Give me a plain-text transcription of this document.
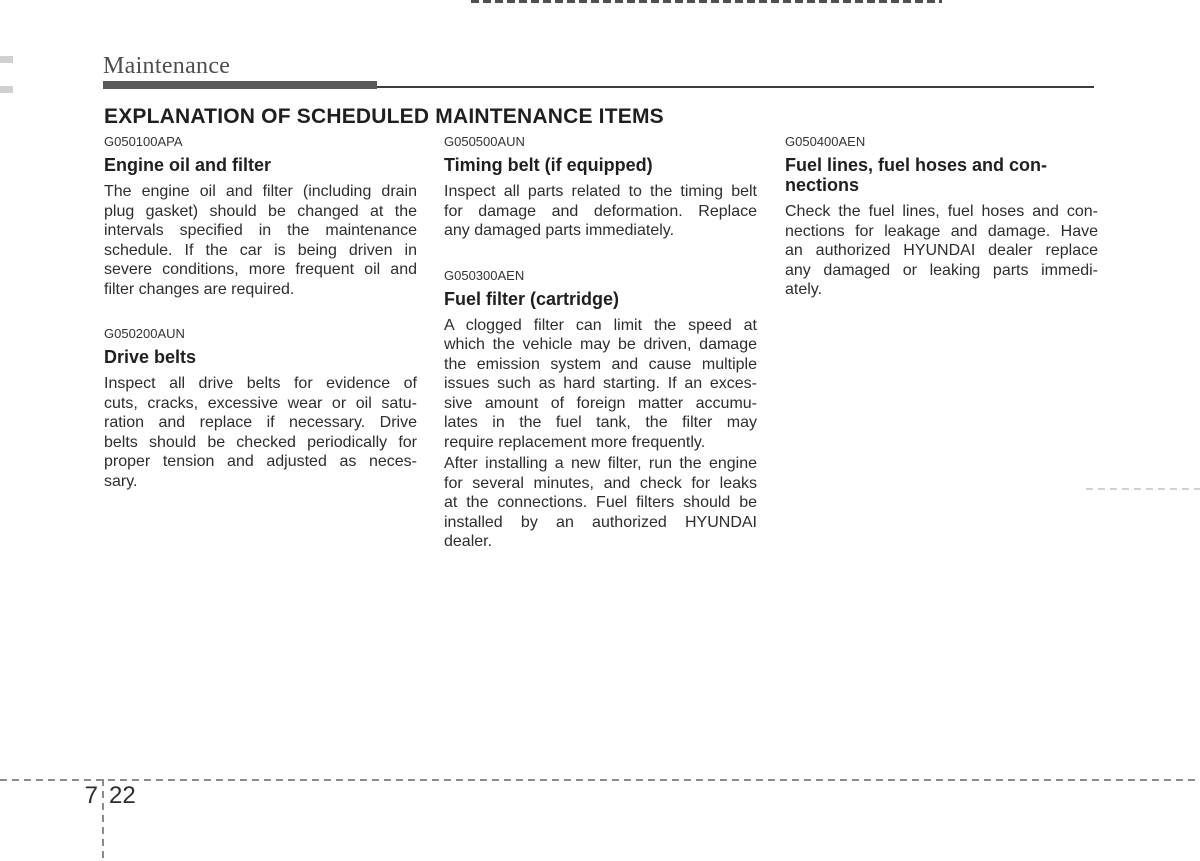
Maintenance
EXPLANATION OF SCHEDULED MAINTENANCE ITEMS
G050100APA
Engine oil and filter
The engine oil and filter (including drain
plug gasket) should be changed at the
intervals specified in the maintenance
schedule. If the car is being driven in
severe conditions, more frequent oil and
filter changes are required.
G050200AUN
Drive belts
Inspect all drive belts for evidence of
cuts, cracks, excessive wear or oil satu-
ration and replace if necessary. Drive
belts should be checked periodically for
proper tension and adjusted as neces-
sary.
G050500AUN
Timing belt (if equipped)
Inspect all parts related to the timing belt
for damage and deformation. Replace
any damaged parts immediately.
G050300AEN
Fuel filter (cartridge)
A clogged filter can limit the speed at
which the vehicle may be driven, damage
the emission system and cause multiple
issues such as hard starting. If an exces-
sive amount of foreign matter accumu-
lates in the fuel tank, the filter may
require replacement more frequently.
After installing a new filter, run the engine
for several minutes, and check for leaks
at the connections. Fuel filters should be
installed by an authorized HYUNDAI
dealer.
G050400AEN
Fuel lines, fuel hoses and con-
nections
Check the fuel lines, fuel hoses and con-
nections for leakage and damage. Have
an authorized HYUNDAI dealer replace
any damaged or leaking parts immedi-
ately.
7 22
